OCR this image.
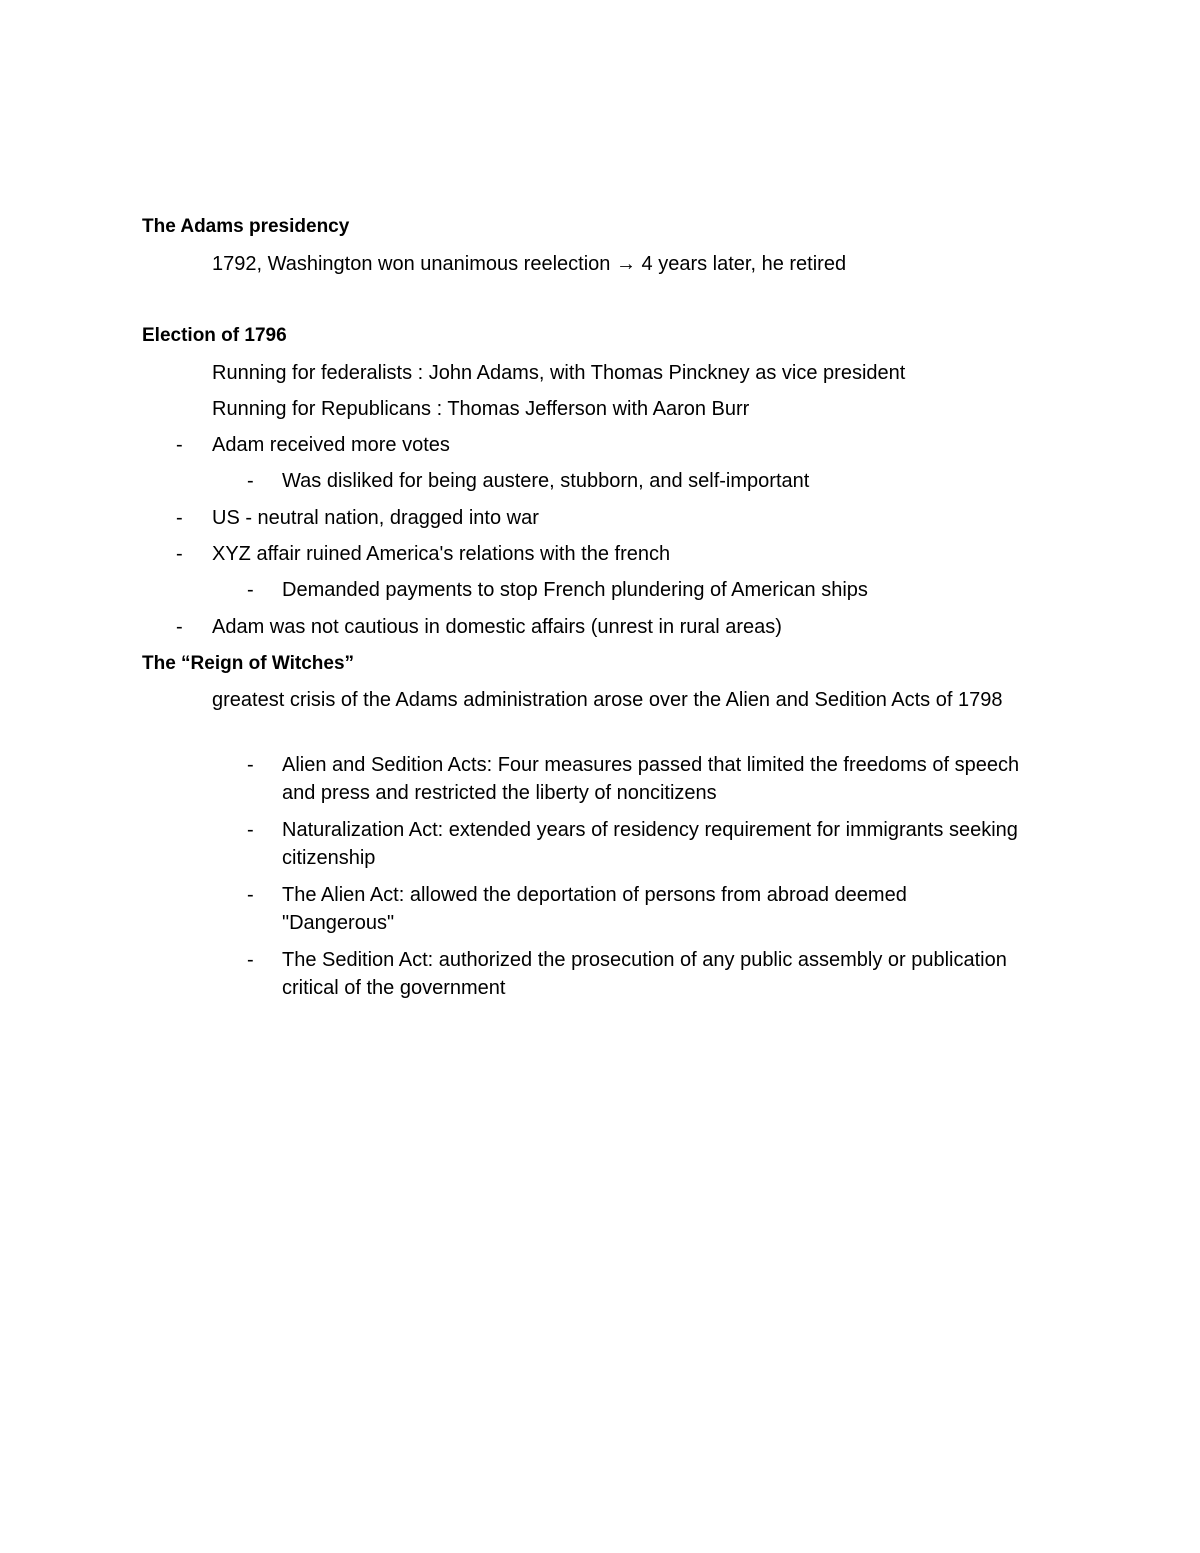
The Adams presidency
1792, Washington won unanimous reelection → 4 years later, he retired
Election of 1796
Running for federalists : John Adams, with Thomas Pinckney as vice president
Running for Republicans : Thomas Jefferson with Aaron Burr
- Adam received more votes
- Was disliked for being austere, stubborn, and self-important
- US - neutral nation, dragged into war
- XYZ affair ruined America's relations with the french
- Demanded payments to stop French plundering of American ships
- Adam was not cautious in domestic affairs (unrest in rural areas)
The “Reign of Witches”
greatest crisis of the Adams administration arose over the Alien and Sedition Acts of 1798
- Alien and Sedition Acts: Four measures passed that limited the freedoms of speech and press and restricted the liberty of noncitizens
- Naturalization Act: extended years of residency requirement for immigrants seeking citizenship
- The Alien Act: allowed the deportation of persons from abroad deemed "Dangerous"
- The Sedition Act: authorized the prosecution of any public assembly or publication critical of the government
